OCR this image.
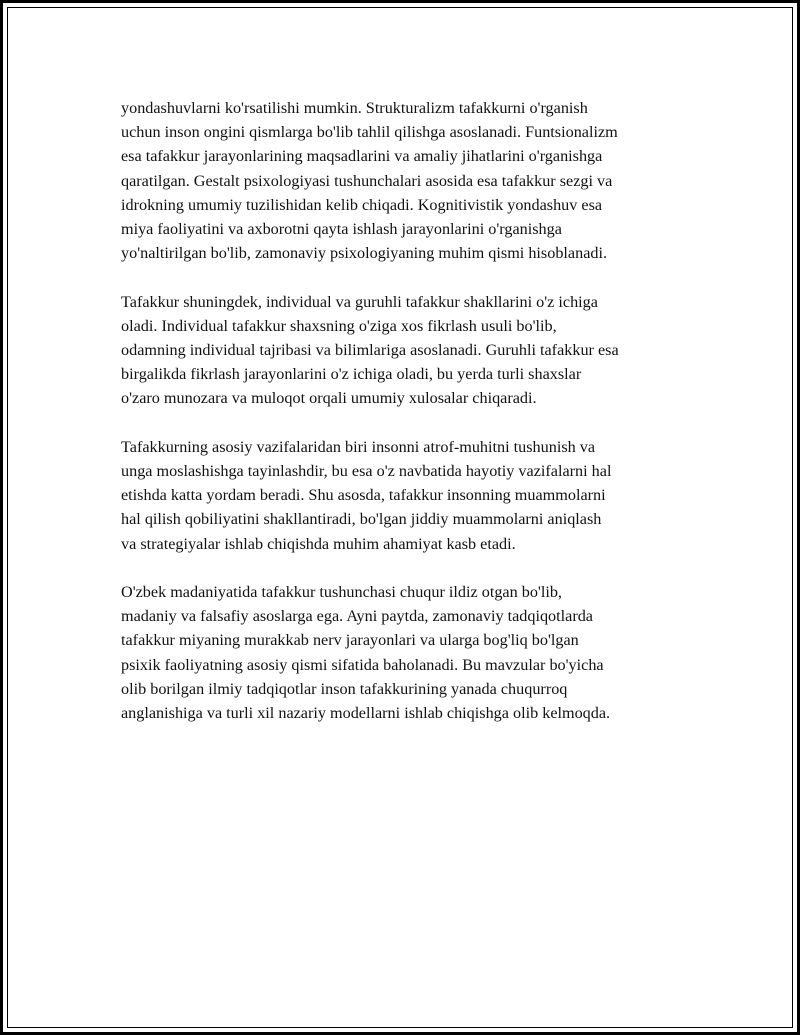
yondashuvlarni ko'rsatilishi mumkin. Strukturalizm tafakkurni o'rganish
uchun inson ongini qismlarga bo'lib tahlil qilishga asoslanadi. Funtsionalizm
esa tafakkur jarayonlarining maqsadlarini va amaliy jihatlarini o'rganishga
qaratilgan. Gestalt psixologiyasi tushunchalari asosida esa tafakkur sezgi va
idrokning umumiy tuzilishidan kelib chiqadi. Kognitivistik yondashuv esa
miya faoliyatini va axborotni qayta ishlash jarayonlarini o'rganishga
yo'naltirilgan bo'lib, zamonaviy psixologiyaning muhim qismi hisoblanadi.

Tafakkur shuningdek, individual va guruhli tafakkur shakllarini o'z ichiga
oladi. Individual tafakkur shaxsning o'ziga xos fikrlash usuli bo'lib,
odamning individual tajribasi va bilimlariga asoslanadi. Guruhli tafakkur esa
birgalikda fikrlash jarayonlarini o'z ichiga oladi, bu yerda turli shaxslar
o'zaro munozara va muloqot orqali umumiy xulosalar chiqaradi.

Tafakkurning asosiy vazifalaridan biri insonni atrof-muhitni tushunish va
unga moslashishga tayinlashdir, bu esa o'z navbatida hayotiy vazifalarni hal
etishda katta yordam beradi. Shu asosda, tafakkur insonning muammolarni
hal qilish qobiliyatini shakllantiradi, bo'lgan jiddiy muammolarni aniqlash
va strategiyalar ishlab chiqishda muhim ahamiyat kasb etadi.

O'zbek madaniyatida tafakkur tushunchasi chuqur ildiz otgan bo'lib,
madaniy va falsafiy asoslarga ega. Ayni paytda, zamonaviy tadqiqotlarda
tafakkur miyaning murakkab nerv jarayonlari va ularga bog'liq bo'lgan
psixik faoliyatning asosiy qismi sifatida baholanadi. Bu mavzular bo'yicha
olib borilgan ilmiy tadqiqotlar inson tafakkurining yanada chuqurroq
anglanishiga va turli xil nazariy modellarni ishlab chiqishga olib kelmoqda.
